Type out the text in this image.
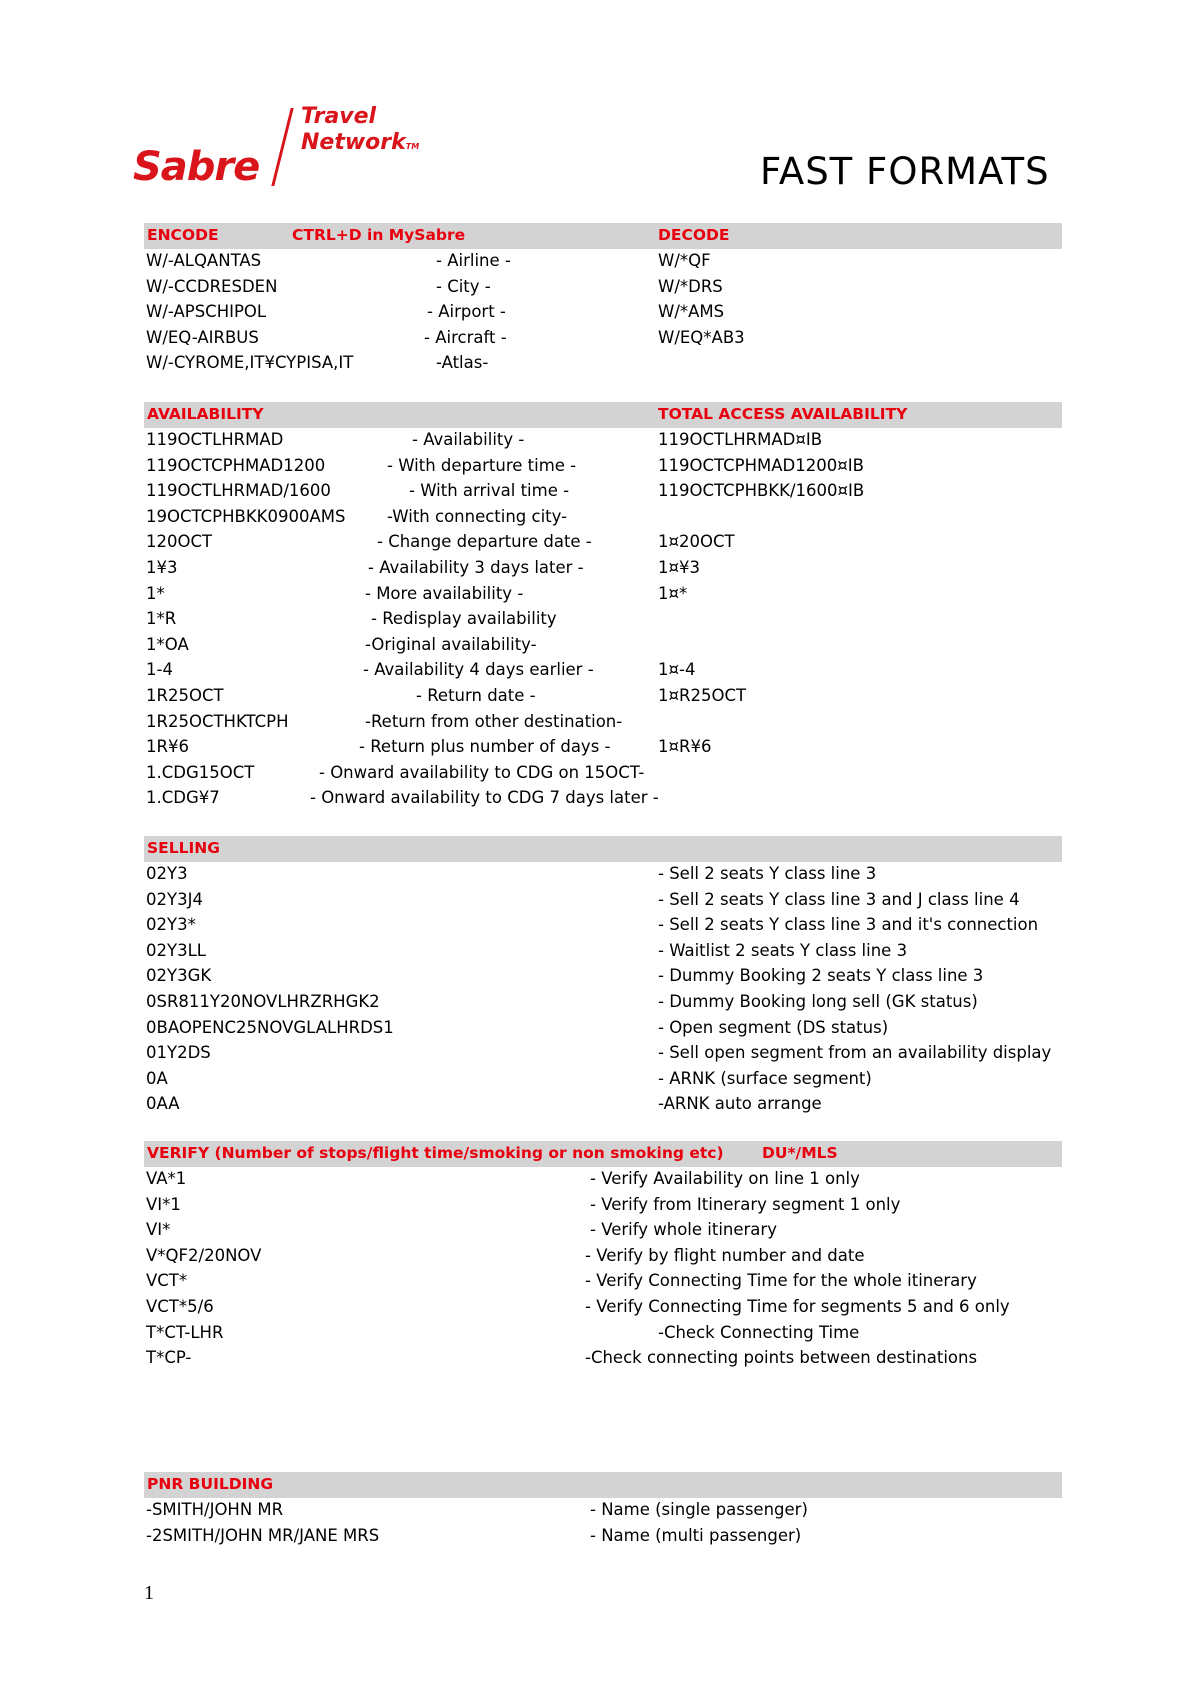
Sabre
Travel
NetworkTM
FAST FORMATS
ENCODE	CTRL+D in MySabre	DECODE
W/-ALQANTAS	- Airline -	W/*QF
W/-CCDRESDEN	- City -	W/*DRS
W/-APSCHIPOL	- Airport -	W/*AMS
W/EQ-AIRBUS	- Aircraft -	W/EQ*AB3
W/-CYROME,IT¥CYPISA,IT	-Atlas-
AVAILABILITY	TOTAL ACCESS AVAILABILITY
119OCTLHRMAD	- Availability -	119OCTLHRMAD¤IB
119OCTCPHMAD1200	- With departure time -	119OCTCPHMAD1200¤IB
119OCTLHRMAD/1600	- With arrival time -	119OCTCPHBKK/1600¤IB
19OCTCPHBKK0900AMS	-With connecting city-
120OCT	- Change departure date -	1¤20OCT
1¥3	- Availability 3 days later -	1¤¥3
1*	- More availability -	1¤*
1*R	- Redisplay availability
1*OA	-Original availability-
1-4	- Availability 4 days earlier -	1¤-4
1R25OCT	- Return date -	1¤R25OCT
1R25OCTHKTCPH	-Return from other destination-
1R¥6	- Return plus number of days -	1¤R¥6
1.CDG15OCT	- Onward availability to CDG on 15OCT-
1.CDG¥7	- Onward availability to CDG 7 days later -
SELLING
02Y3	- Sell 2 seats Y class line 3
02Y3J4	- Sell 2 seats Y class line 3 and J class line 4
02Y3*	- Sell 2 seats Y class line 3 and it's connection
02Y3LL	- Waitlist 2 seats Y class line 3
02Y3GK	- Dummy Booking 2 seats Y class line 3
0SR811Y20NOVLHRZRHGK2	- Dummy Booking long sell (GK status)
0BAOPENC25NOVGLALHRDS1	- Open segment (DS status)
01Y2DS	- Sell open segment from an availability display
0A	- ARNK (surface segment)
0AA	-ARNK auto arrange
VERIFY (Number of stops/flight time/smoking or non smoking etc) DU*/MLS
VA*1	- Verify Availability on line 1 only
VI*1	- Verify from Itinerary segment 1 only
VI*	- Verify whole itinerary
V*QF2/20NOV	- Verify by flight number and date
VCT*	- Verify Connecting Time for the whole itinerary
VCT*5/6	- Verify Connecting Time for segments 5 and 6 only
T*CT-LHR	-Check Connecting Time
T*CP-	-Check connecting points between destinations
PNR BUILDING
-SMITH/JOHN MR	- Name (single passenger)
-2SMITH/JOHN MR/JANE MRS	- Name (multi passenger)
1
